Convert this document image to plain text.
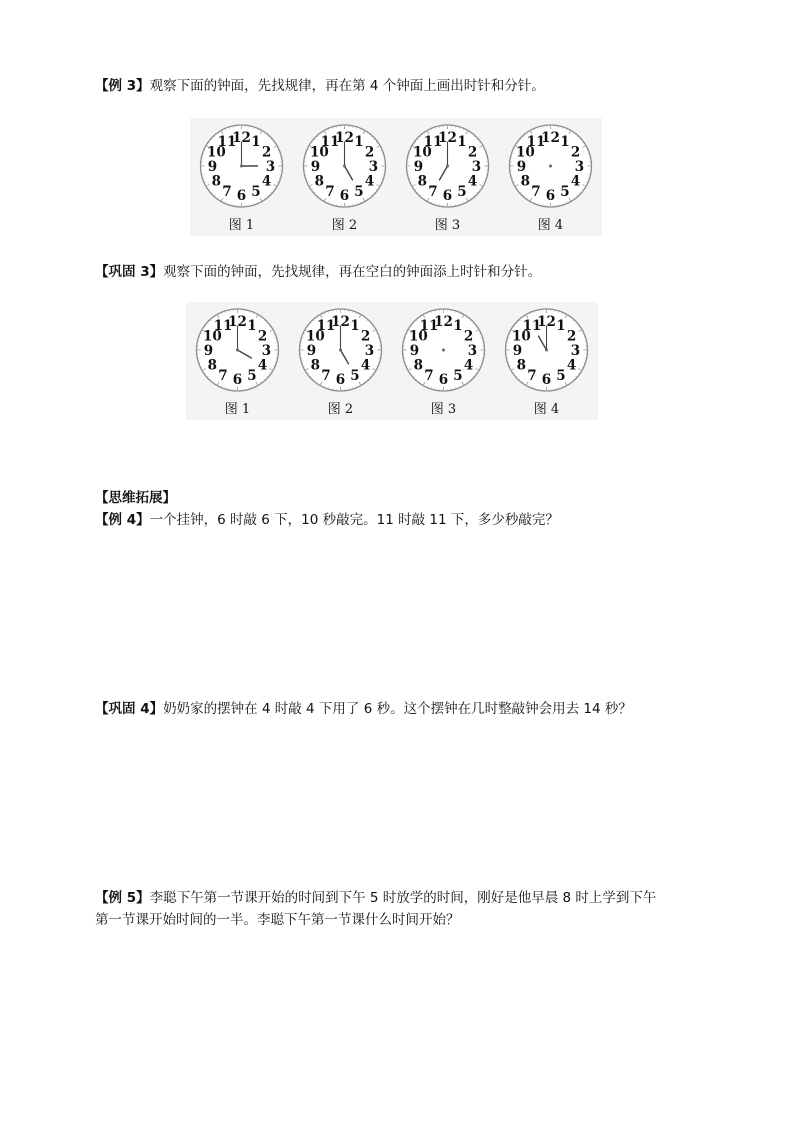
【例 3】观察下面的钟面，先找规律，再在第 4 个钟面上画出时针和分针。
1
2
3
4
5
6
7
8
9
10
11
12
图 1
1
2
3
4
5
6
7
8
9
10
11
12
图 2
1
2
3
4
5
6
7
8
9
10
11
12
图 3
1
2
3
4
5
6
7
8
9
10
11
12
图 4
【巩固 3】观察下面的钟面，先找规律，再在空白的钟面添上时针和分针。
1
2
3
4
5
6
7
8
9
10
11
12
图 1
1
2
3
4
5
6
7
8
9
10
11
12
图 2
1
2
3
4
5
6
7
8
9
10
11
12
图 3
1
2
3
4
5
6
7
8
9
10
11
12
图 4
【思维拓展】
【例 4】一个挂钟，6 时敲 6 下，10 秒敲完。11 时敲 11 下，多少秒敲完？
【巩固 4】奶奶家的摆钟在 4 时敲 4 下用了 6 秒。这个摆钟在几时整敲钟会用去 14 秒？
【例 5】李聪下午第一节课开始的时间到下午 5 时放学的时间，刚好是他早晨 8 时上学到下午
第一节课开始时间的一半。李聪下午第一节课什么时间开始？
